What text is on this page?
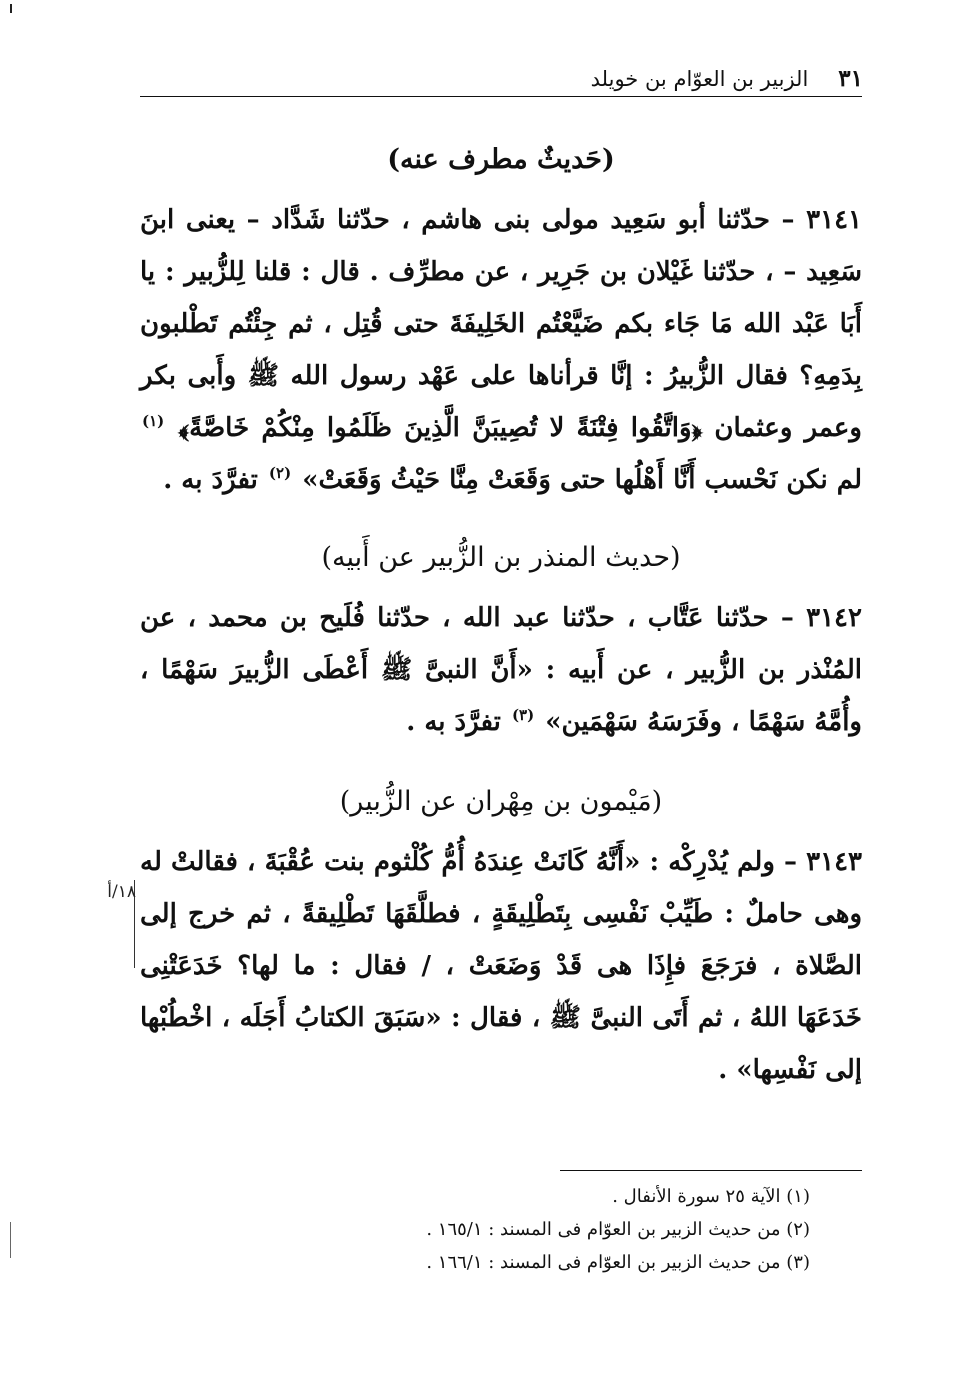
٣١
الزبير بن العوّام بن خويلد
(حَديثٌ مطرف عنه)

٣١٤١ – حدّثنا أبو سَعِيد مولى بنى هاشم ، حدّثنا شَدَّاد – يعنى ابنَ سَعِيد – ، حدّثنا غَيْلان بن جَرِير ، عن مطرِّف . قال : قلنا لِلزُّبير : يا أَبَا عَبْد الله مَا جَاء بكم ضَيَّعْتُم الخَلِيفَةَ حتى قُتِل ، ثم جِئْتُم تَطْلبون بِدَمِهِ؟ فقال الزُّبيرُ : إنَّا قرأناها على عَهْد رسول الله ﷺ وأَبى بكر وعمر وعثمان ﴿وَاتَّقُوا فِتْنَةً لا تُصِيبَنَّ الَّذِينَ ظَلَمُوا مِنْكُمْ خَاصَّةً﴾ $^{(١)}$ لم نكن نَحْسب أَنَّا أَهْلُها حتى وَقَعَتْ مِنَّا حَيْثُ وَقَعَتْ» $^{(٢)}$ تفرَّدَ به .

(حديث المنذر بن الزُّبير عن أَبيه)

٣١٤٢ – حدّثنا عَتَّاب ، حدّثنا عبد الله ، حدّثنا فُلَيح بن محمد ، عن المُنْذر بن الزُّبير ، عن أَبيه : «أَنَّ النبىَّ ﷺ أَعْطَى الزُّبيرَ سَهْمًا ، وأُمَّهُ سَهْمًا ، وفَرَسَهُ سَهْمَين» $^{(٣)}$ تفرَّدَ به .

(مَيْمون بن مِهْران عن الزُّبير)

٣١٤٣ – ولم يُدْرِكْه : «أَنَّهُ كَانَتْ عِندَهُ أُمُّ كُلْثوم بنت عُقْبَةَ ، فقالتْ له وهى حاملٌ : طَيِّبْ نَفْسِى بِتَطْلِيقَةٍ ، فطلَّقَهَا تَطْلِيقةً ، ثم خرج إلى الصَّلاة ، فرَجَعَ فإِذَا هى قَدْ وَضَعَتْ ، / فقال : ما لها؟ خَدَعَتْنِى خَدَعَهَا اللهُ ، ثم أَتَى النبىَّ ﷺ ، فقال : «سَبَقَ الكتابُ أَجَلَه ، اخْطُبْها إلى نَفْسِها» .

١٨/أ
(١) الآية ٢٥ سورة الأنفال .
(٢) من حديث الزبير بن العوّام فى المسند : ١٦٥/١ .
(٣) من حديث الزبير بن العوّام فى المسند : ١٦٦/١ .
